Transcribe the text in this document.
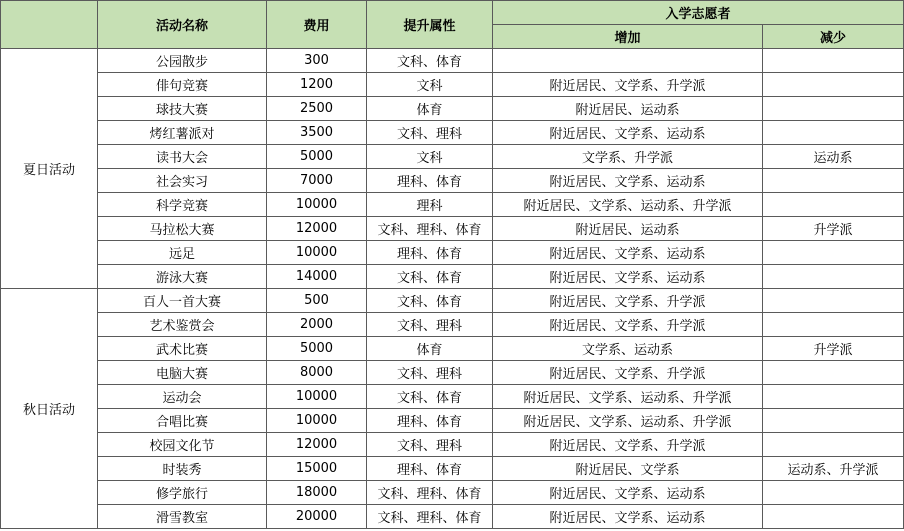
	活动名称	费用	提升属性	入学志愿者	
				增加	减少
夏日活动	公园散步	300	文科、体育		
	俳句竞赛	1200	文科	附近居民、文学系、升学派	
	球技大赛	2500	体育	附近居民、运动系	
	烤红薯派对	3500	文科、理科	附近居民、文学系、运动系	
	读书大会	5000	文科	文学系、升学派	运动系
	社会实习	7000	理科、体育	附近居民、文学系、运动系	
	科学竞赛	10000	理科	附近居民、文学系、运动系、升学派	
	马拉松大赛	12000	文科、理科、体育	附近居民、运动系	升学派
	远足	10000	理科、体育	附近居民、文学系、运动系	
	游泳大赛	14000	文科、体育	附近居民、文学系、运动系	
秋日活动	百人一首大赛	500	文科、体育	附近居民、文学系、升学派	
	艺术鉴赏会	2000	文科、理科	附近居民、文学系、升学派	
	武术比赛	5000	体育	文学系、运动系	升学派
	电脑大赛	8000	文科、理科	附近居民、文学系、升学派	
	运动会	10000	文科、体育	附近居民、文学系、运动系、升学派	
	合唱比赛	10000	理科、体育	附近居民、文学系、运动系、升学派	
	校园文化节	12000	文科、理科	附近居民、文学系、升学派	
	时装秀	15000	理科、体育	附近居民、文学系	运动系、升学派
	修学旅行	18000	文科、理科、体育	附近居民、文学系、运动系	
	滑雪教室	20000	文科、理科、体育	附近居民、文学系、运动系	
